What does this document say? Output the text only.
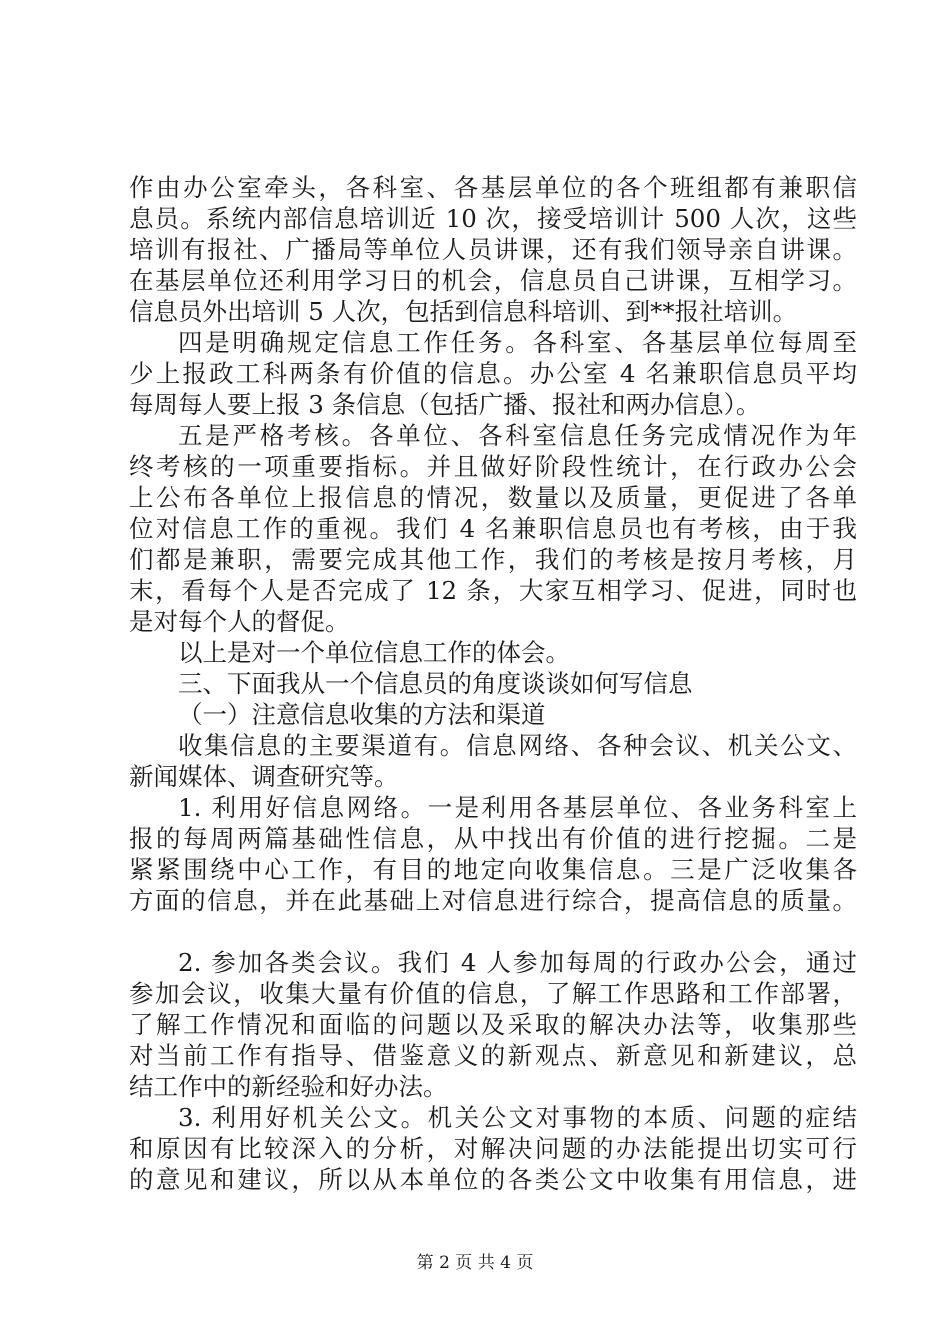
作由办公室牵头，各科室、各基层单位的各个班组都有兼职信
息员。系统内部信息培训近 10 次，接受培训计 500 人次，这些
培训有报社、广播局等单位人员讲课，还有我们领导亲自讲课。
在基层单位还利用学习日的机会，信息员自己讲课，互相学习。
信息员外出培训 5 人次，包括到信息科培训、到**报社培训。
四是明确规定信息工作任务。各科室、各基层单位每周至
少上报政工科两条有价值的信息。办公室 4 名兼职信息员平均
每周每人要上报 3 条信息（包括广播、报社和两办信息）。
五是严格考核。各单位、各科室信息任务完成情况作为年
终考核的一项重要指标。并且做好阶段性统计，在行政办公会
上公布各单位上报信息的情况，数量以及质量，更促进了各单
位对信息工作的重视。我们 4 名兼职信息员也有考核，由于我
们都是兼职，需要完成其他工作，我们的考核是按月考核，月
末，看每个人是否完成了 12 条，大家互相学习、促进，同时也
是对每个人的督促。
以上是对一个单位信息工作的体会。
三、下面我从一个信息员的角度谈谈如何写信息
（一）注意信息收集的方法和渠道
收集信息的主要渠道有。信息网络、各种会议、机关公文、
新闻媒体、调查研究等。
1. 利用好信息网络。一是利用各基层单位、各业务科室上
报的每周两篇基础性信息，从中找出有价值的进行挖掘。二是
紧紧围绕中心工作，有目的地定向收集信息。三是广泛收集各
方面的信息，并在此基础上对信息进行综合，提高信息的质量。
2. 参加各类会议。我们 4 人参加每周的行政办公会，通过
参加会议，收集大量有价值的信息，了解工作思路和工作部署，
了解工作情况和面临的问题以及采取的解决办法等，收集那些
对当前工作有指导、借鉴意义的新观点、新意见和新建议，总
结工作中的新经验和好办法。
3. 利用好机关公文。机关公文对事物的本质、问题的症结
和原因有比较深入的分析，对解决问题的办法能提出切实可行
的意见和建议，所以从本单位的各类公文中收集有用信息，进
第 2 页 共 4 页
